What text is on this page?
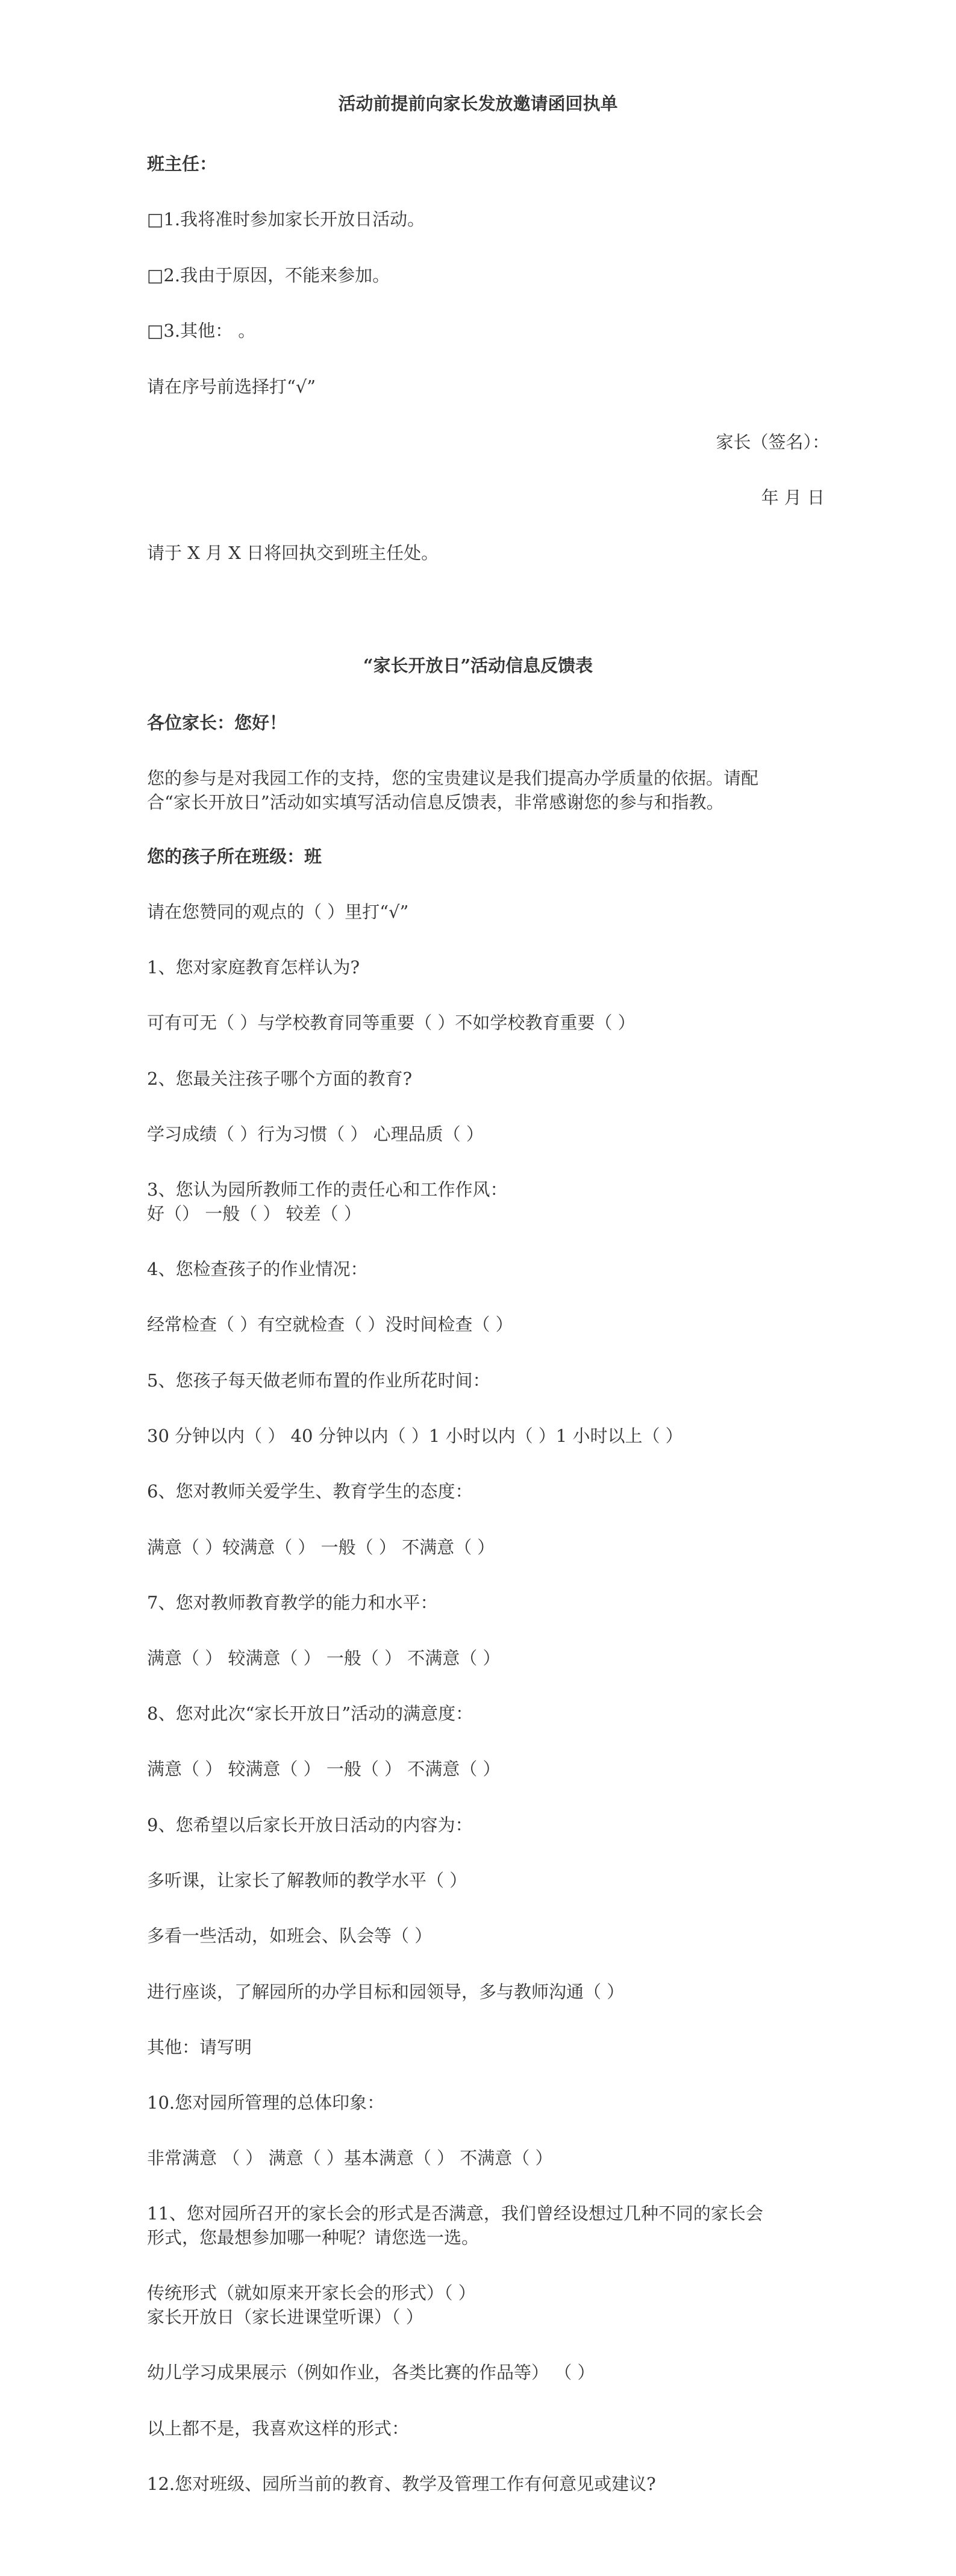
活动前提前向家长发放邀请函回执单

班主任：

□1.我将准时参加家长开放日活动。

□2.我由于原因，不能来参加。

□3.其他： 。

请在序号前选择打“√”

家长（签名）：

年 月 日

请于 X 月 X 日将回执交到班主任处。

“家长开放日”活动信息反馈表

各位家长：您好！

您的参与是对我园工作的支持，您的宝贵建议是我们提高办学质量的依据。请配

合“家长开放日”活动如实填写活动信息反馈表，非常感谢您的参与和指教。

您的孩子所在班级：班

请在您赞同的观点的（ ）里打“√”

1、您对家庭教育怎样认为?

可有可无（ ）与学校教育同等重要（ ）不如学校教育重要（ ）

2、您最关注孩子哪个方面的教育?

学习成绩（ ）行为习惯（ ） 心理品质（ ）

3、您认为园所教师工作的责任心和工作作风：

好（） 一般（ ） 较差（ ）

4、您检查孩子的作业情况：

经常检查（ ）有空就检查（ ）没时间检查（ ）

5、您孩子每天做老师布置的作业所花时间：

30 分钟以内（ ） 40 分钟以内（ ）1 小时以内（ ）1 小时以上（ ）

6、您对教师关爱学生、教育学生的态度：

满意（ ）较满意（ ） 一般（ ） 不满意（ ）

7、您对教师教育教学的能力和水平：

满意（ ） 较满意（ ） 一般（ ） 不满意（ ）

8、您对此次“家长开放日”活动的满意度：

满意（ ） 较满意（ ） 一般（ ） 不满意（ ）

9、您希望以后家长开放日活动的内容为：

多听课，让家长了解教师的教学水平（ ）

多看一些活动，如班会、队会等（ ）

进行座谈，了解园所的办学目标和园领导，多与教师沟通（ ）

其他：请写明

10.您对园所管理的总体印象：

非常满意 （ ） 满意（ ）基本满意（ ） 不满意（ ）

11、您对园所召开的家长会的形式是否满意，我们曾经设想过几种不同的家长会

形式，您最想参加哪一种呢？请您选一选。

传统形式（就如原来开家长会的形式）（ ）

家长开放日（家长进课堂听课）（ ）

幼儿学习成果展示（例如作业，各类比赛的作品等） （ ）

以上都不是，我喜欢这样的形式：

12.您对班级、园所当前的教育、教学及管理工作有何意见或建议?
